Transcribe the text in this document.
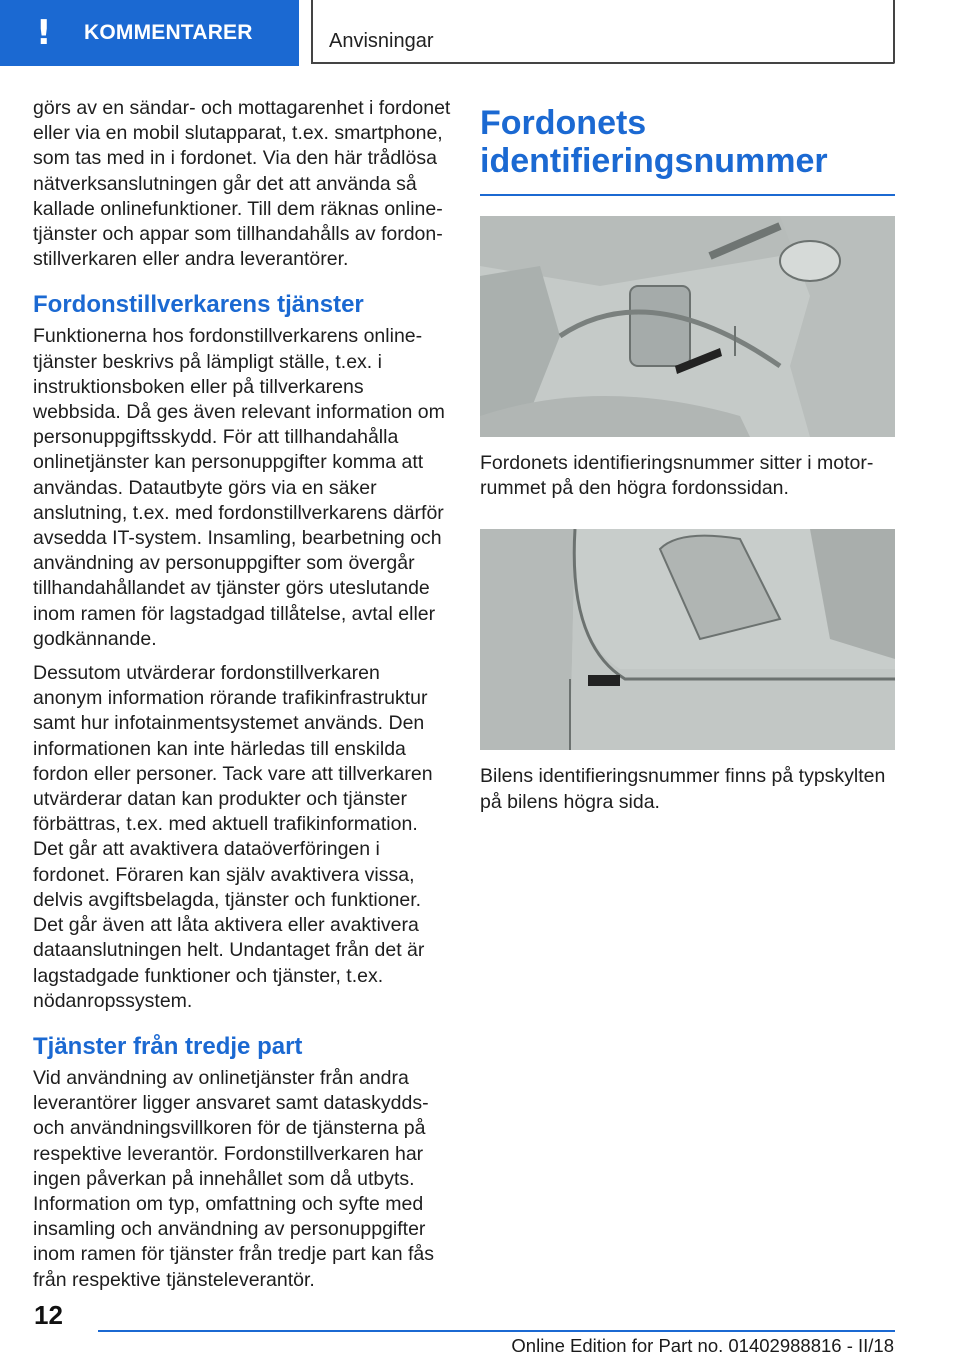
!	KOMMENTARER	Anvisningar

görs av en sändar- och mottagarenhet i fordonet eller via en mobil slutapparat, t.ex. smartphone, som tas med in i fordonet. Via den här trådlösa nätverksanslutningen går det att använda så kallade onlinefunktioner. Till dem räknas onlinetjänster och appar som tillhandahålls av fordonstillverkaren eller andra leverantörer.

Fordonstillverkarens tjänster

Funktionerna hos fordonstillverkarens onlinetjänster beskrivs på lämpligt ställe, t.ex. i instruktionsboken eller på tillverkarens webbsida. Då ges även relevant information om personuppgiftsskydd. För att tillhandahålla onlinetjänster kan personuppgifter komma att användas. Datautbyte görs via en säker anslutning, t.ex. med fordonstillverkarens därför avsedda IT-system. Insamling, bearbetning och användning av personuppgifter som övergår tillhandahållandet av tjänster görs uteslutande inom ramen för lagstadgad tillåtelse, avtal eller godkännande.

Dessutom utvärderar fordonstillverkaren anonym information rörande trafikinfrastruktur samt hur infotainmentsystemet används. Den informationen kan inte härledas till enskilda fordon eller personer. Tack vare att tillverkaren utvärderar datan kan produkter och tjänster förbättras, t.ex. med aktuell trafikinformation. Det går att avaktivera dataöverföringen i fordonet. Föraren kan själv avaktivera vissa, delvis avgiftsbelagda, tjänster och funktioner. Det går även att låta aktivera eller avaktivera dataanslutningen helt. Undantaget från det är lagstadgade funktioner och tjänster, t.ex. nödanropssystem.

Tjänster från tredje part

Vid användning av onlinetjänster från andra leverantörer ligger ansvaret samt dataskydds- och användningsvillkoren för de tjänsterna på respektive leverantör. Fordonstillverkaren har ingen påverkan på innehållet som då utbyts. Information om typ, omfattning och syfte med insamling och användning av personuppgifter inom ramen för tjänster från tredje part kan fås från respektive tjänsteleverantör.

Fordonets identifieringsnummer

Fordonets identifieringsnummer sitter i motorrummet på den högra fordonssidan.

Bilens identifieringsnummer finns på typskylten på bilens högra sida.

12
Online Edition for Part no. 01402988816 - II/18
